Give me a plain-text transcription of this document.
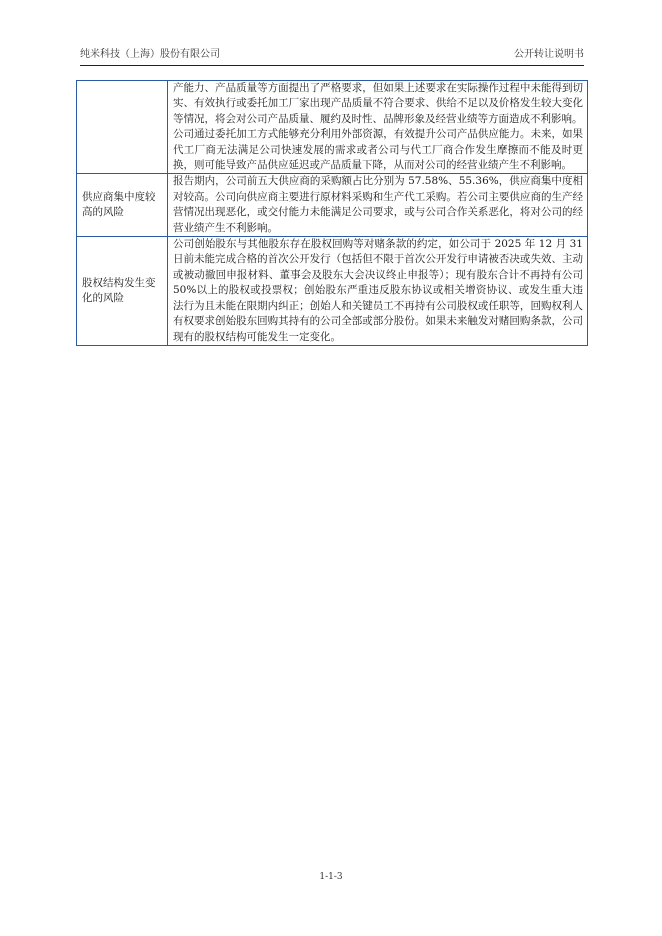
纯米科技（上海）股份有限公司	公开转让说明书

	产能力、产品质量等方面提出了严格要求，但如果上述要求在实际操作过程中未能得到切实、有效执行或委托加工厂家出现产品质量不符合要求、供给不足以及价格发生较大变化等情况，将会对公司产品质量、履约及时性、品牌形象及经营业绩等方面造成不利影响。

公司通过委托加工方式能够充分利用外部资源，有效提升公司产品供应能力。未来，如果代工厂商无法满足公司快速发展的需求或者公司与代工厂商合作发生摩擦而不能及时更换，则可能导致产品供应延迟或产品质量下降，从而对公司的经营业绩产生不利影响。

供应商集中度较高的风险	报告期内，公司前五大供应商的采购额占比分别为 57.58%、55.36%，供应商集中度相对较高。公司向供应商主要进行原材料采购和生产代工采购。若公司主要供应商的生产经营情况出现恶化，或交付能力未能满足公司要求，或与公司合作关系恶化，将对公司的经营业绩产生不利影响。

股权结构发生变化的风险	公司创始股东与其他股东存在股权回购等对赌条款的约定，如公司于 2025 年 12 月 31 日前未能完成合格的首次公开发行（包括但不限于首次公开发行申请被否决或失效、主动或被动撤回申报材料、董事会及股东大会决议终止申报等）；现有股东合计不再持有公司 50%以上的股权或投票权；创始股东严重违反股东协议或相关增资协议、或发生重大违法行为且未能在限期内纠正；创始人和关键员工不再持有公司股权或任职等，回购权利人有权要求创始股东回购其持有的公司全部或部分股份。如果未来触发对赌回购条款，公司现有的股权结构可能发生一定变化。

1-1-3
